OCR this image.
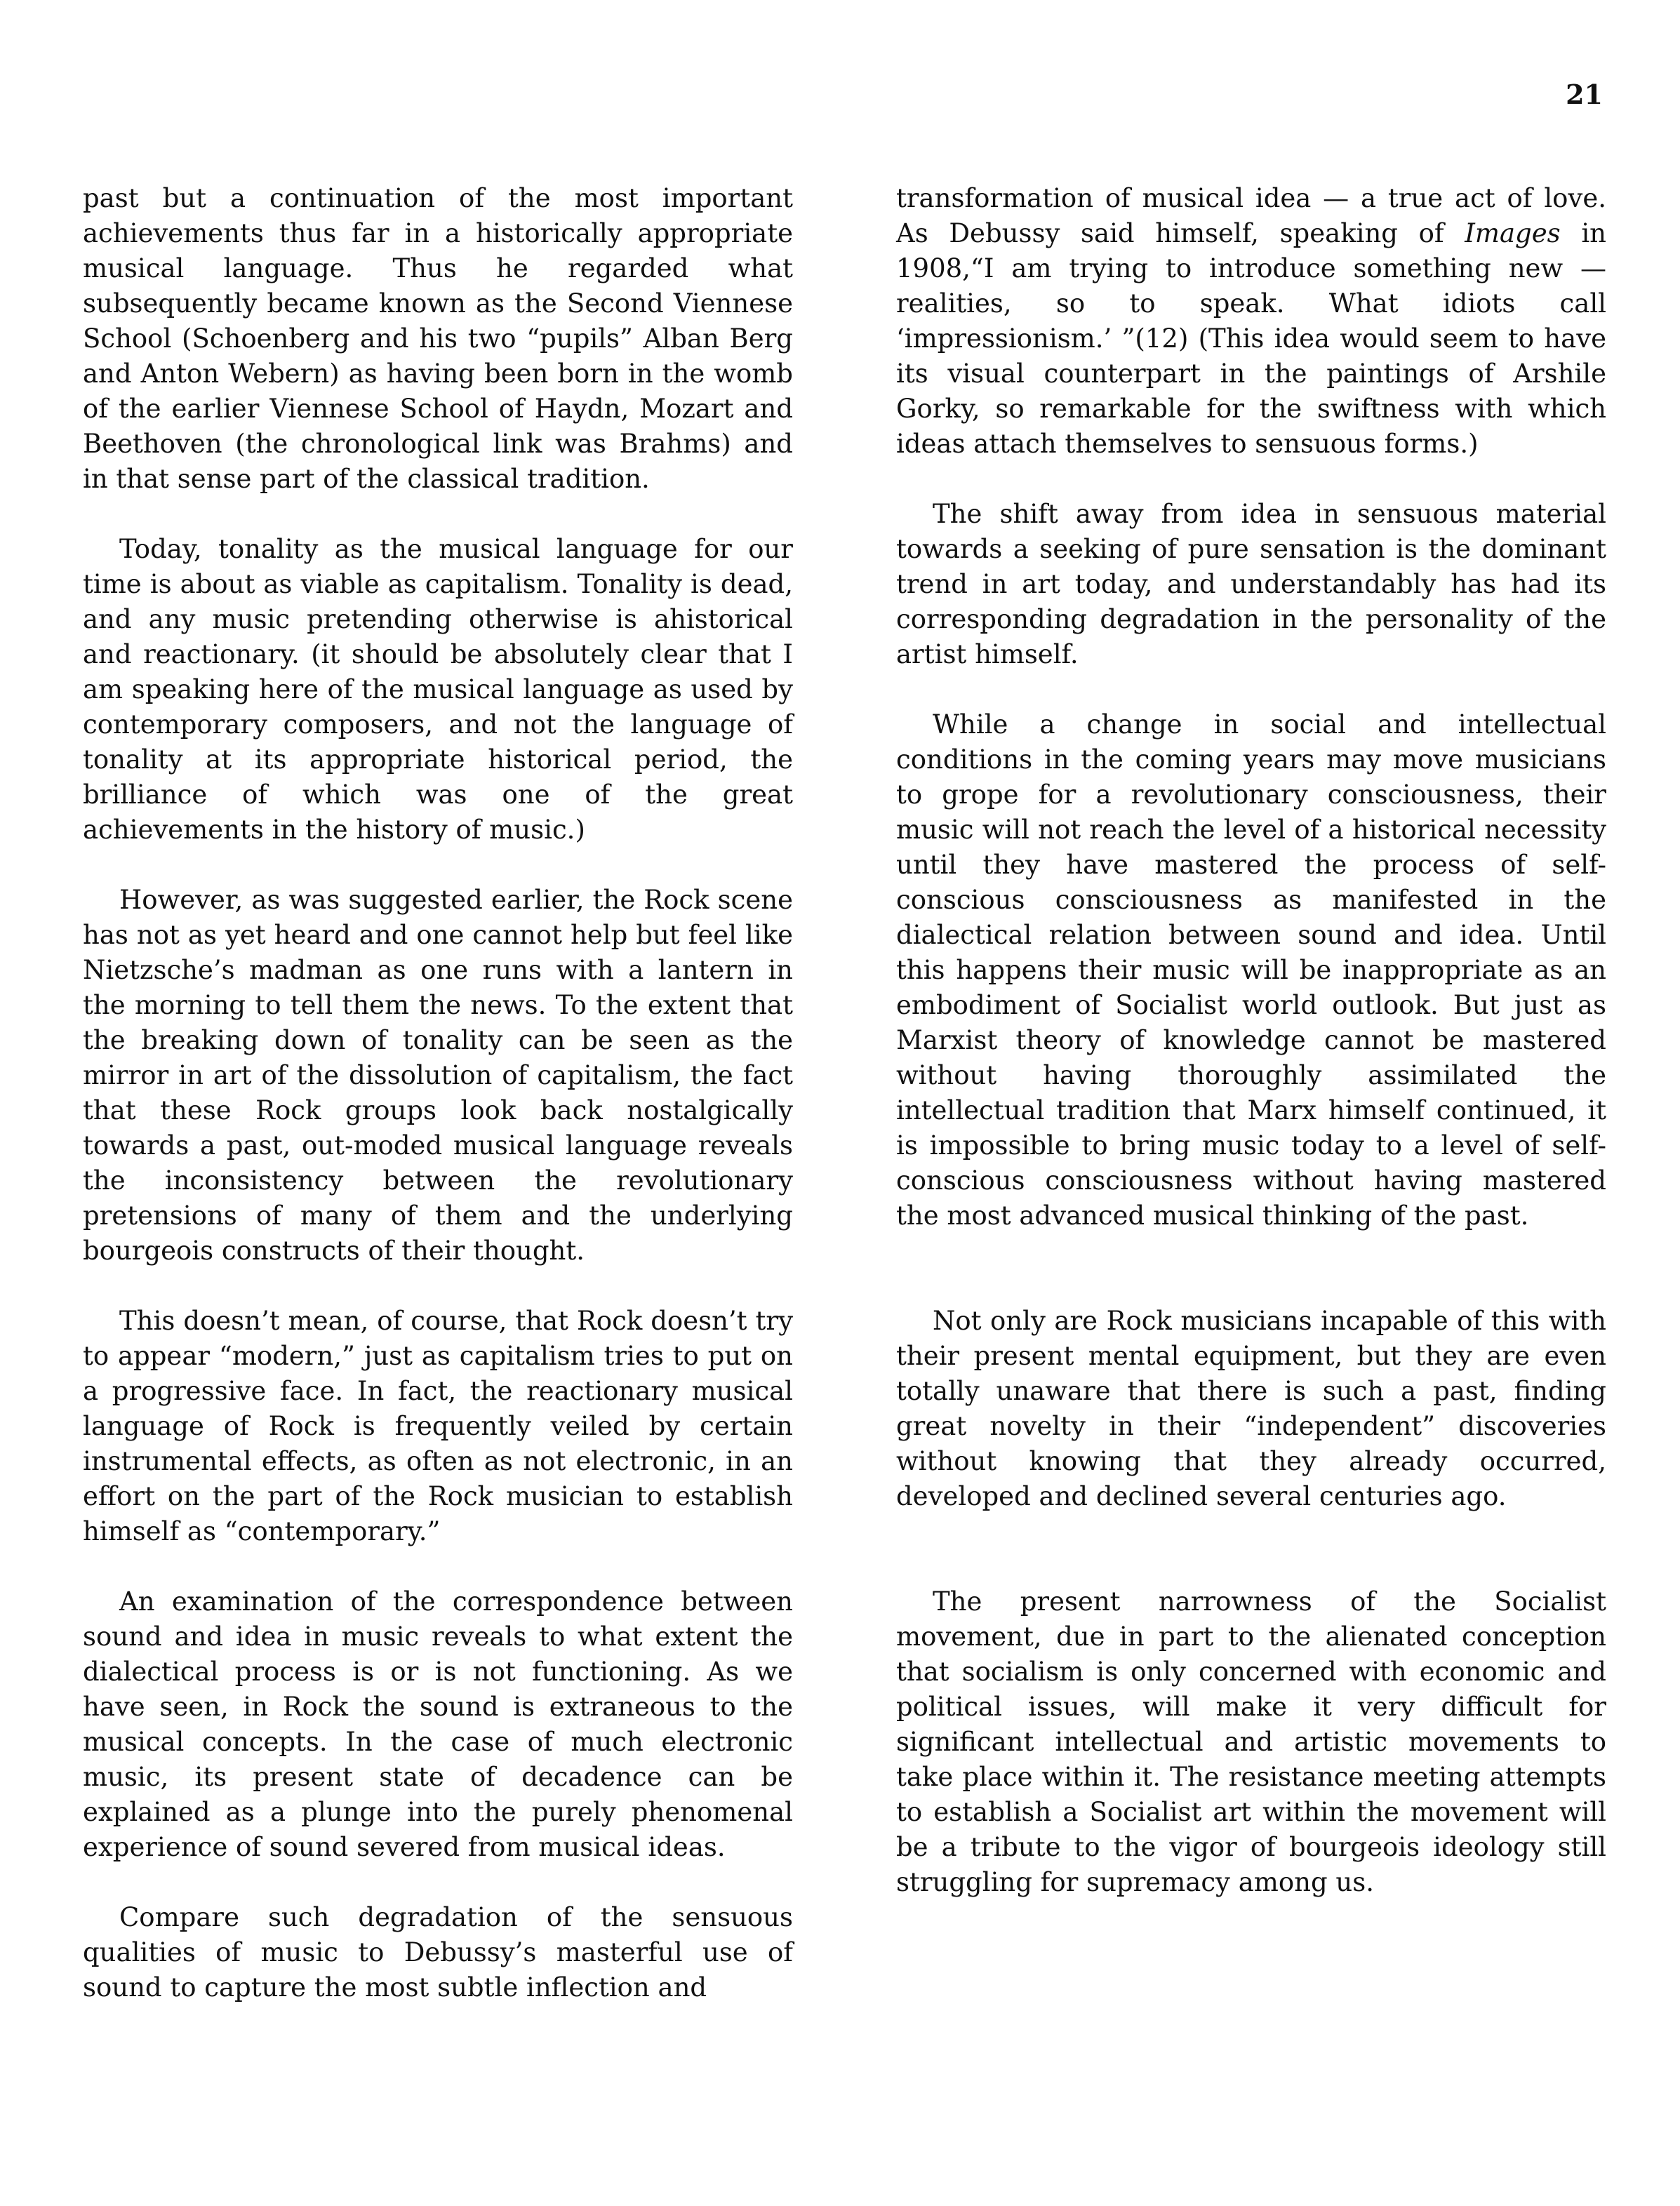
21

past but a continuation of the most important achievements thus far in a historically appropriate musical language. Thus he regarded what subsequently became known as the Second Viennese School (Schoenberg and his two “pupils” Alban Berg and Anton Webern) as having been born in the womb of the earlier Viennese School of Haydn, Mozart and Beethoven (the chronological link was Brahms) and in that sense part of the classical tradition.

Today, tonality as the musical language for our time is about as viable as capitalism. Tonality is dead, and any music pretending otherwise is ahistorical and reactionary. (it should be absolutely clear that I am speaking here of the musical language as used by contemporary composers, and not the language of tonality at its appropriate historical period, the brilliance of which was one of the great achievements in the history of music.)

However, as was suggested earlier, the Rock scene has not as yet heard and one cannot help but feel like Nietzsche’s madman as one runs with a lantern in the morning to tell them the news. To the extent that the breaking down of tonality can be seen as the mirror in art of the dissolution of capitalism, the fact that these Rock groups look back nostalgically towards a past, out-moded musical language reveals the inconsistency between the revolutionary pretensions of many of them and the underlying bourgeois constructs of their thought.

This doesn’t mean, of course, that Rock doesn’t try to appear “modern,” just as capitalism tries to put on a progressive face. In fact, the reactionary musical language of Rock is frequently veiled by certain instrumental effects, as often as not electronic, in an effort on the part of the Rock musician to establish himself as “contemporary.”

An examination of the correspondence between sound and idea in music reveals to what extent the dialectical process is or is not functioning. As we have seen, in Rock the sound is extraneous to the musical concepts. In the case of much electronic music, its present state of decadence can be explained as a plunge into the purely phenomenal experience of sound severed from musical ideas.

Compare such degradation of the sensuous qualities of music to Debussy’s masterful use of sound to capture the most subtle inflection and

transformation of musical idea — a true act of love. As Debussy said himself, speaking of Images in 1908,“I am trying to introduce something new — realities, so to speak. What idiots call ‘impressionism.’ ”(12) (This idea would seem to have its visual counterpart in the paintings of Arshile Gorky, so remarkable for the swiftness with which ideas attach themselves to sensuous forms.)

The shift away from idea in sensuous material towards a seeking of pure sensation is the dominant trend in art today, and understandably has had its corresponding degradation in the personality of the artist himself.

While a change in social and intellectual conditions in the coming years may move musicians to grope for a revolutionary consciousness, their music will not reach the level of a historical necessity until they have mastered the process of self-conscious consciousness as manifested in the dialectical relation between sound and idea. Until this happens their music will be inappropriate as an embodiment of Socialist world outlook. But just as Marxist theory of knowledge cannot be mastered without having thoroughly assimilated the intellectual tradition that Marx himself continued, it is impossible to bring music today to a level of self-conscious consciousness without having mastered the most advanced musical thinking of the past.

Not only are Rock musicians incapable of this with their present mental equipment, but they are even totally unaware that there is such a past, finding great novelty in their “independent” discoveries without knowing that they already occurred, developed and declined several centuries ago.

The present narrowness of the Socialist movement, due in part to the alienated conception that socialism is only concerned with economic and political issues, will make it very difficult for significant intellectual and artistic movements to take place within it. The resistance meeting attempts to establish a Socialist art within the movement will be a tribute to the vigor of bourgeois ideology still struggling for supremacy among us.
